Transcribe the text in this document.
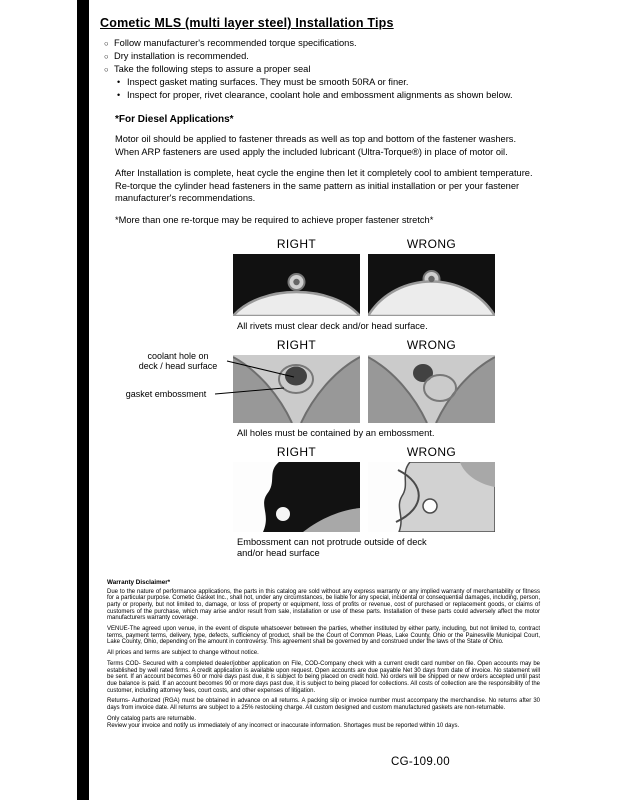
Cometic MLS (multi layer steel) Installation Tips
○ Follow manufacturer's recommended torque specifications.
○ Dry installation is recommended.
○ Take the following steps to assure a proper seal
• Inspect gasket mating surfaces. They must be smooth 50RA or finer.
• Inspect for proper, rivet clearance, coolant hole and embossment alignments as shown below.
*For Diesel Applications*

Motor oil should be applied to fastener threads as well as top and bottom of the fastener washers. When ARP fasteners are used apply the included lubricant (Ultra-Torque®) in place of motor oil.

After Installation is complete, heat cycle the engine then let it completely cool to ambient temperature. Re-torque the cylinder head fasteners in the same pattern as initial installation or per your fastener manufacturer's recommendations.

*More than one re-torque may be required to achieve proper fastener stretch*

RIGHT	WRONG
All rivets must clear deck and/or head surface.
RIGHT	WRONG
coolant hole on
deck / head surface
gasket embossment
All holes must be contained by an embossment.
RIGHT	WRONG
Embossment can not protrude outside of deck and/or head surface
Warranty Disclaimer*

Due to the nature of performance applications, the parts in this catalog are sold without any express warranty or any implied warranty of merchantability or fitness for a particular purpose. Cometic Gasket Inc., shall not, under any circumstances, be liable for any special, incidental or consequential damages, including, person, party or property, but not limited to, damage, or loss of property or equipment, loss of profits or revenue, cost of purchased or replacement goods, or claims of customers of the purchase, which may arise and/or result from sale, installation or use of these parts. Installation of these parts could adversely affect the motor manufacturers warranty coverage.

VENUE-The agreed upon venue, in the event of dispute whatsoever between the parties, whether instituted by either party, including, but not limited to, contract terms, payment terms, delivery, type, defects, sufficiency of product, shall be the Court of Common Pleas, Lake County, Ohio or the Painesville Municipal Court, Lake County, Ohio, depending on the amount in controversy. This agreement shall be governed by and construed under the laws of the State of Ohio.

All prices and terms are subject to change without notice.

Terms COD- Secured with a completed dealer/jobber application on File, COD-Company check with a current credit card number on file. Open accounts may be established by well rated firms. A credit application is available upon request. Open accounts are due payable Net 30 days from date of invoice. No statement will be sent. If an account becomes 60 or more days past due, it is subject to being placed on credit hold. No orders will be shipped or new orders accepted until past due balance is paid. If an account becomes 90 or more days past due, it is subject to being placed for collections. All costs of collection are the responsibility of the customer, including attorney fees, court costs, and other expenses of litigation.

Returns- Authorized (RGA) must be obtained in advance on all returns. A packing slip or invoice number must accompany the merchandise. No returns after 30 days from invoice date. All returns are subject to a 25% restocking charge. All custom designed and custom manufactured gaskets are non-returnable.

Only catalog parts are returnable.

Review your invoice and notify us immediately of any incorrect or inaccurate information. Shortages must be reported within 10 days.

CG-109.00
